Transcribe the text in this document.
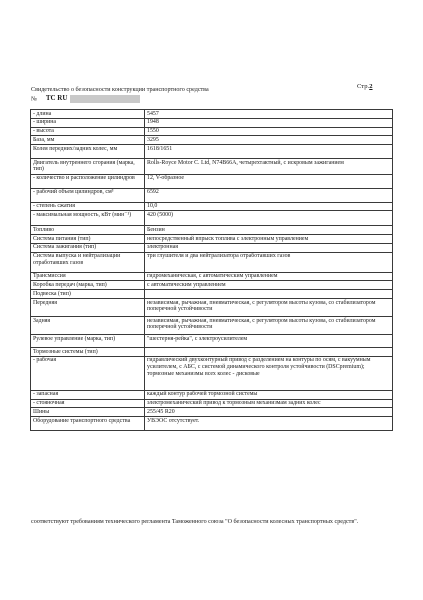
Свидетельство о безопасности конструкции транспортного средства № ТС RU
Стр.2
- длина	5457
- ширина	1948
- высота	1550
База, мм	3295
Колея передних/задних колес, мм	1618/1651
Двигатель внутреннего сгорания (марка, тип)	Rolls-Royce Motor C. Ltd, N74B66A, четырехтактный, с искровым зажиганием
- количество и расположение цилиндров	12, V-образное
- рабочий объем цилиндров, см³	6592
- степень сжатия	10,0
- максимальная мощность, кВт (мин⁻¹)	420 (5000)
Топливо	Бензин
Система питания (тип)	непосредственный впрыск топлива с электронным управлением
Система зажигания (тип)	электронная
Система выпуска и нейтрализации отработавших газов	три глушителя и два нейтрализатора отработавших газов
Трансмиссия	гидромеханическая, с автоматическим управлением
Коробка передач (марка, тип)	с автоматическим управлением
Подвеска (тип)	
Передняя	независимая, рычажная, пневматическая, с регулятором высоты кузова, со стабилизатором поперечной устойчивости
Задняя	независимая, рычажная, пневматическая, с регулятором высоты кузова, со стабилизатором поперечной устойчивости
Рулевое управление (марка, тип)	"шестерня-рейка", с электроусилителем
Тормозные системы (тип)	
- рабочая	гидравлический двухконтурный привод с разделением на контуры по осям, с вакуумным усилителем, с АБС, с системой динамического контроля устойчивости (DSCpremium); тормозные механизмы всех колес - дисковые
- запасная	каждый контур рабочей тормозной системы
- стояночная	электромеханический привод к тормозным механизмам задних колес
Шины	255/45 R20
Оборудование транспортного средства	УВЭОС отсутствует.
соответствуют требованиям технического регламента Таможенного союза "О безопасности колесных транспортных средств".
